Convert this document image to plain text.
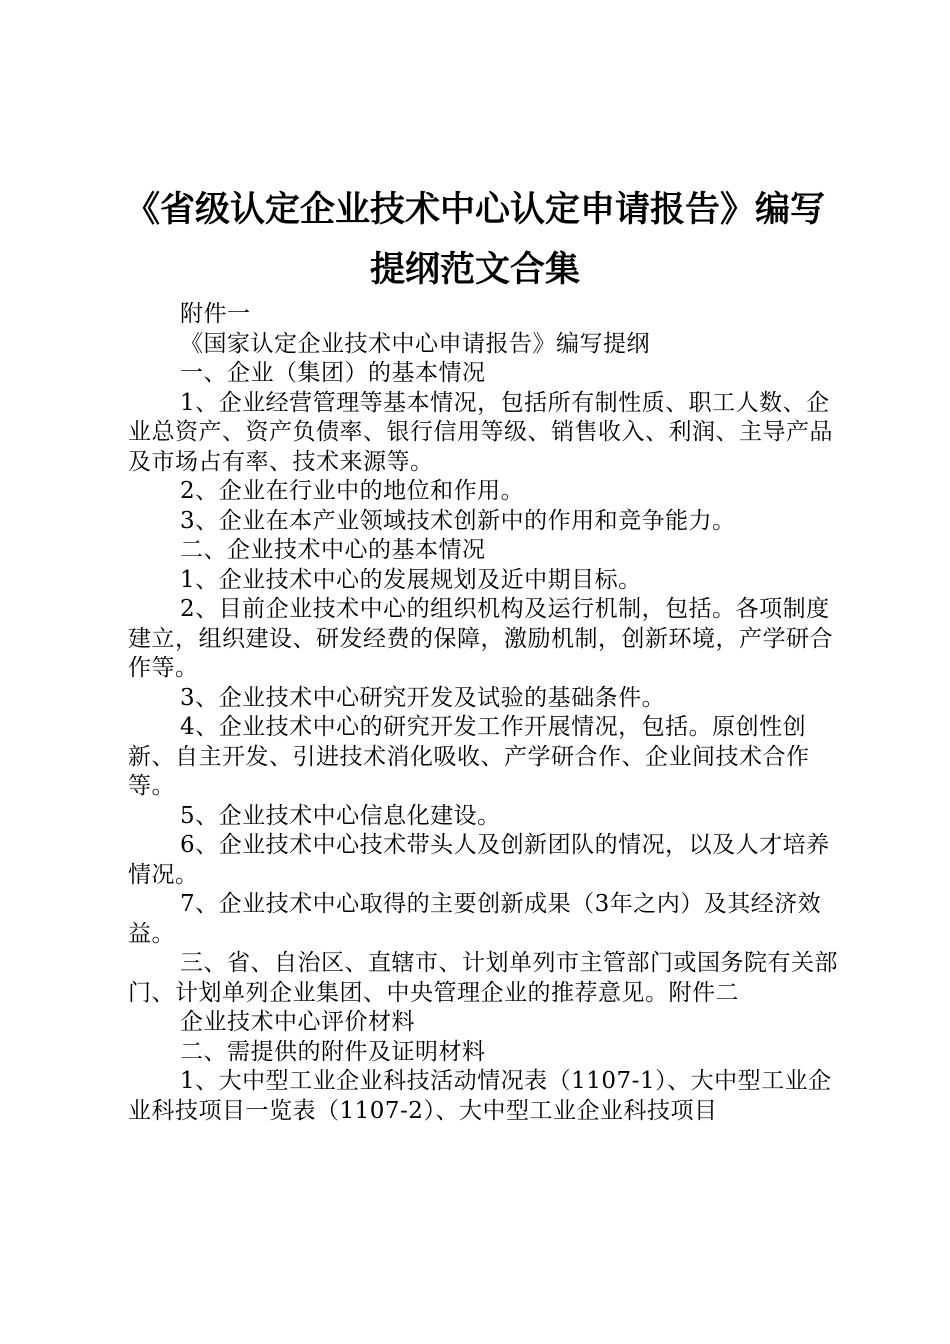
《省级认定企业技术中心认定申请报告》编写
提纲范文合集

附件一

《国家认定企业技术中心申请报告》编写提纲

一、企业（集团）的基本情况

1、企业经营管理等基本情况，包括所有制性质、职工人数、企业总资产、资产负债率、银行信用等级、销售收入、利润、主导产品及市场占有率、技术来源等。

2、企业在行业中的地位和作用。

3、企业在本产业领域技术创新中的作用和竞争能力。

二、企业技术中心的基本情况

1、企业技术中心的发展规划及近中期目标。

2、目前企业技术中心的组织机构及运行机制，包括。各项制度建立，组织建设、研发经费的保障，激励机制，创新环境，产学研合作等。

3、企业技术中心研究开发及试验的基础条件。

4、企业技术中心的研究开发工作开展情况，包括。原创性创新、自主开发、引进技术消化吸收、产学研合作、企业间技术合作等。

5、企业技术中心信息化建设。

6、企业技术中心技术带头人及创新团队的情况，以及人才培养情况。

7、企业技术中心取得的主要创新成果（3年之内）及其经济效益。

三、省、自治区、直辖市、计划单列市主管部门或国务院有关部门、计划单列企业集团、中央管理企业的推荐意见。附件二

企业技术中心评价材料

二、需提供的附件及证明材料

1、大中型工业企业科技活动情况表（1107-1）、大中型工业企业科技项目一览表（1107-2）、大中型工业企业科技项目
